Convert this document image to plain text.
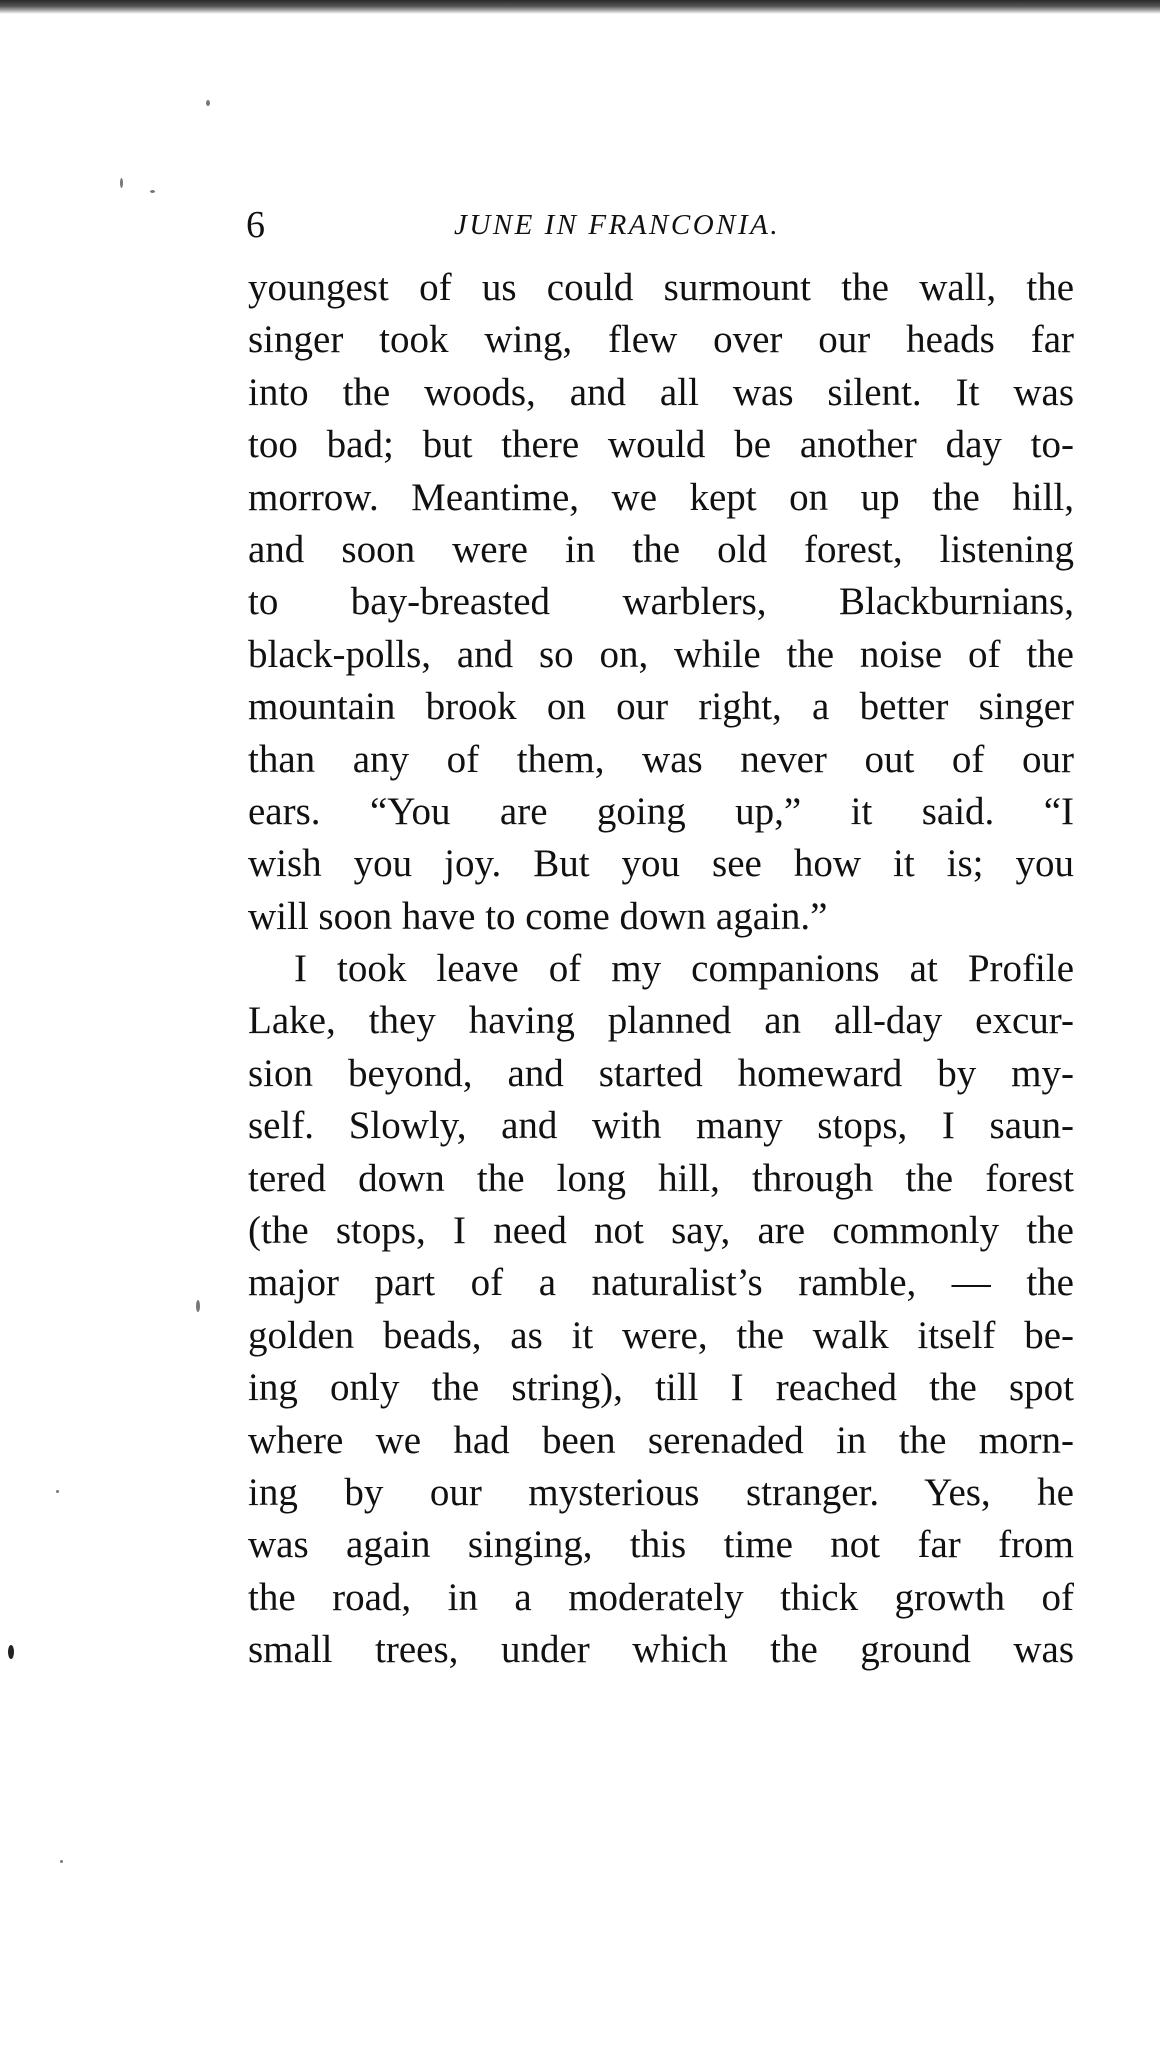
6	JUNE IN FRANCONIA.
youngest of us could surmount the wall, the
singer took wing, flew over our heads far
into the woods, and all was silent. It was
too bad; but there would be another day to-
morrow. Meantime, we kept on up the hill,
and soon were in the old forest, listening
to bay-breasted warblers, Blackburnians,
black-polls, and so on, while the noise of the
mountain brook on our right, a better singer
than any of them, was never out of our
ears. “You are going up,” it said. “I
wish you joy. But you see how it is; you
will soon have to come down again.”
I took leave of my companions at Profile
Lake, they having planned an all-day excur-
sion beyond, and started homeward by my-
self. Slowly, and with many stops, I saun-
tered down the long hill, through the forest
(the stops, I need not say, are commonly the
major part of a naturalist’s ramble, — the
golden beads, as it were, the walk itself be-
ing only the string), till I reached the spot
where we had been serenaded in the morn-
ing by our mysterious stranger. Yes, he
was again singing, this time not far from
the road, in a moderately thick growth of
small trees, under which the ground was
